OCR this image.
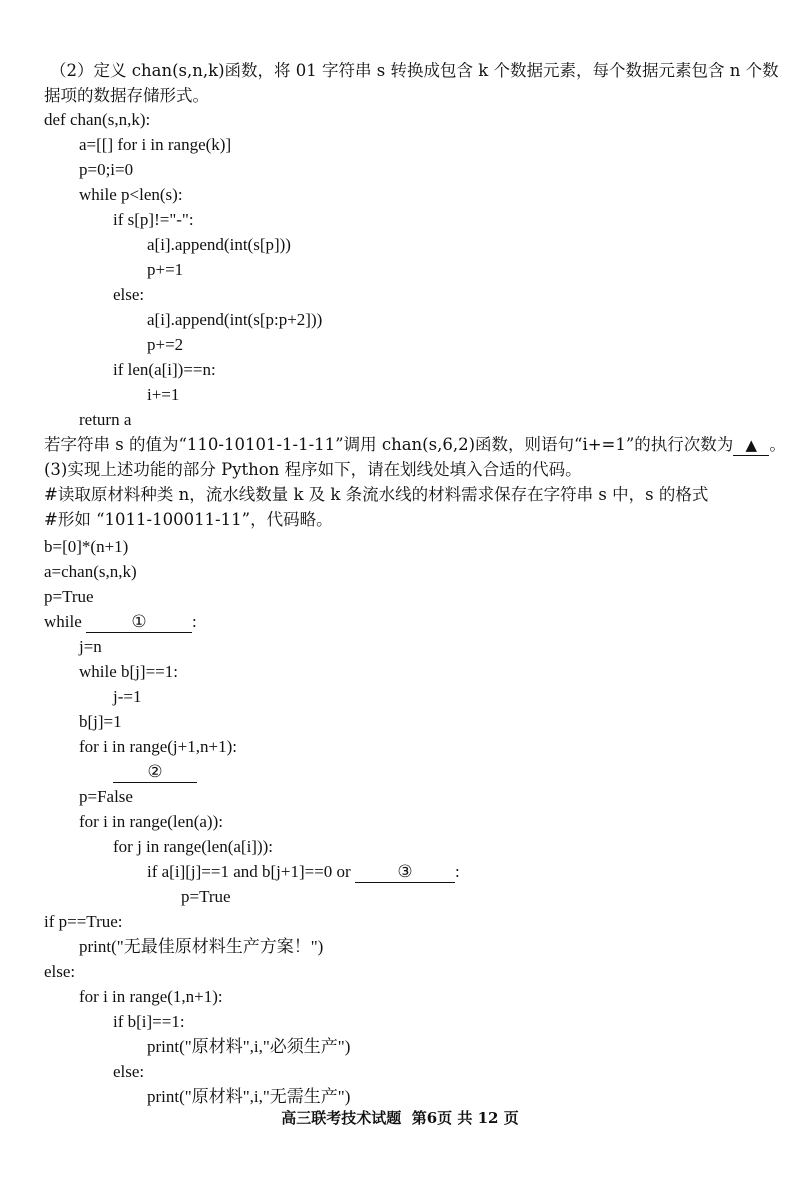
（2）定义 chan(s,n,k)函数，将 01 字符串 s 转换成包含 k 个数据元素，每个数据元素包含 n 个数
据项的数据存储形式。
def chan(s,n,k):
a=[[] for i in range(k)]
p=0;i=0
while p<len(s):
if s[p]!="-":
a[i].append(int(s[p]))
p+=1
else:
a[i].append(int(s[p:p+2]))
p+=2
if len(a[i])==n:
i+=1
return a
若字符串 s 的值为“110-10101-1-1-11”调用 chan(s,6,2)函数，则语句“i+=1”的执行次数为 ▲ 。
(3)实现上述功能的部分 Python 程序如下，请在划线处填入合适的代码。
#读取原材料种类 n，流水线数量 k 及 k 条流水线的材料需求保存在字符串 s 中，s 的格式
#形如 “1011-100011-11”，代码略。
b=[0]*(n+1)
a=chan(s,n,k)
p=True
while	①	:
j=n
while b[j]==1:
j-=1
b[j]=1
for i in range(j+1,n+1):
②
p=False
for i in range(len(a)):
for j in range(len(a[i])):
if a[i][j]==1 and b[j+1]==0 or ③ :
p=True
if p==True:
print("无最佳原材料生产方案！")
else:
for i in range(1,n+1):
if b[i]==1:
print("原材料",i,"必须生产")
else:
print("原材料",i,"无需生产")
高三联考技术试题 第6页 共 12 页
